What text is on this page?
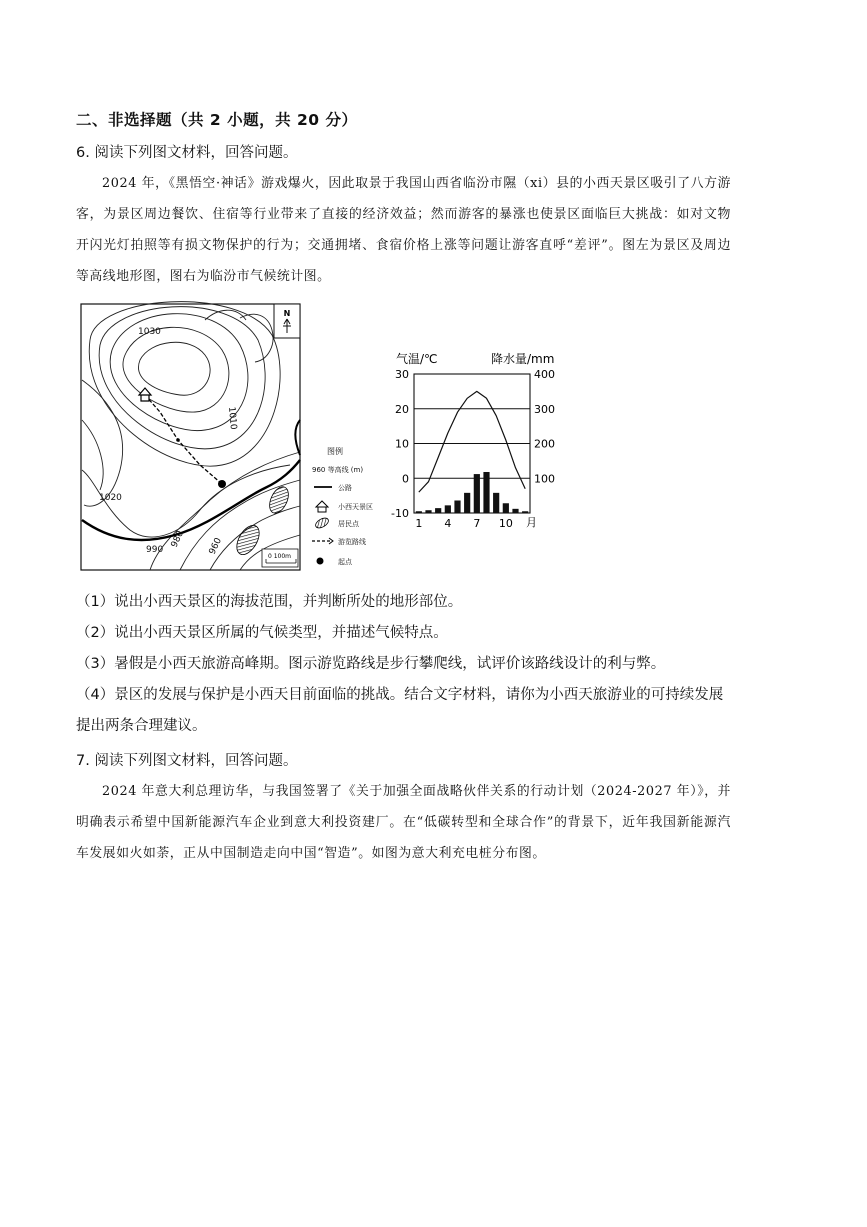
二、非选择题（共 2 小题，共 20 分）
6. 阅读下列图文材料，回答问题。
2024 年，《黑悟空·神话》游戏爆火，因此取景于我国山西省临汾市隰（xi）县的小西天景区吸引了八方游客，为景区周边餐饮、住宿等行业带来了直接的经济效益；然而游客的暴涨也使景区面临巨大挑战：如对文物开闪光灯拍照等有损文物保护的行为；交通拥堵、食宿价格上涨等问题让游客直呼“差评”。图左为景区及周边等高线地形图，图右为临汾市气候统计图。
N
1030
1010
1020
990
980 960
0 100m
图例
960 等高线 (m)
公路
小西天景区
居民点
游览路线
起点
气温/℃	降水量/mm
月
30
20
10
0
-10
400
300
200
100
1 4 7 10
（1）说出小西天景区的海拔范围，并判断所处的地形部位。
（2）说出小西天景区所属的气候类型，并描述气候特点。
（3）暑假是小西天旅游高峰期。图示游览路线是步行攀爬线，试评价该路线设计的利与弊。
（4）景区的发展与保护是小西天目前面临的挑战。结合文字材料，请你为小西天旅游业的可持续发展提出两条合理建议。
7. 阅读下列图文材料，回答问题。
2024 年意大利总理访华，与我国签署了《关于加强全面战略伙伴关系的行动计划（2024-2027 年）》，并明确表示希望中国新能源汽车企业到意大利投资建厂。在“低碳转型和全球合作”的背景下，近年我国新能源汽车发展如火如荼，正从中国制造走向中国“智造”。如图为意大利充电桩分布图。
